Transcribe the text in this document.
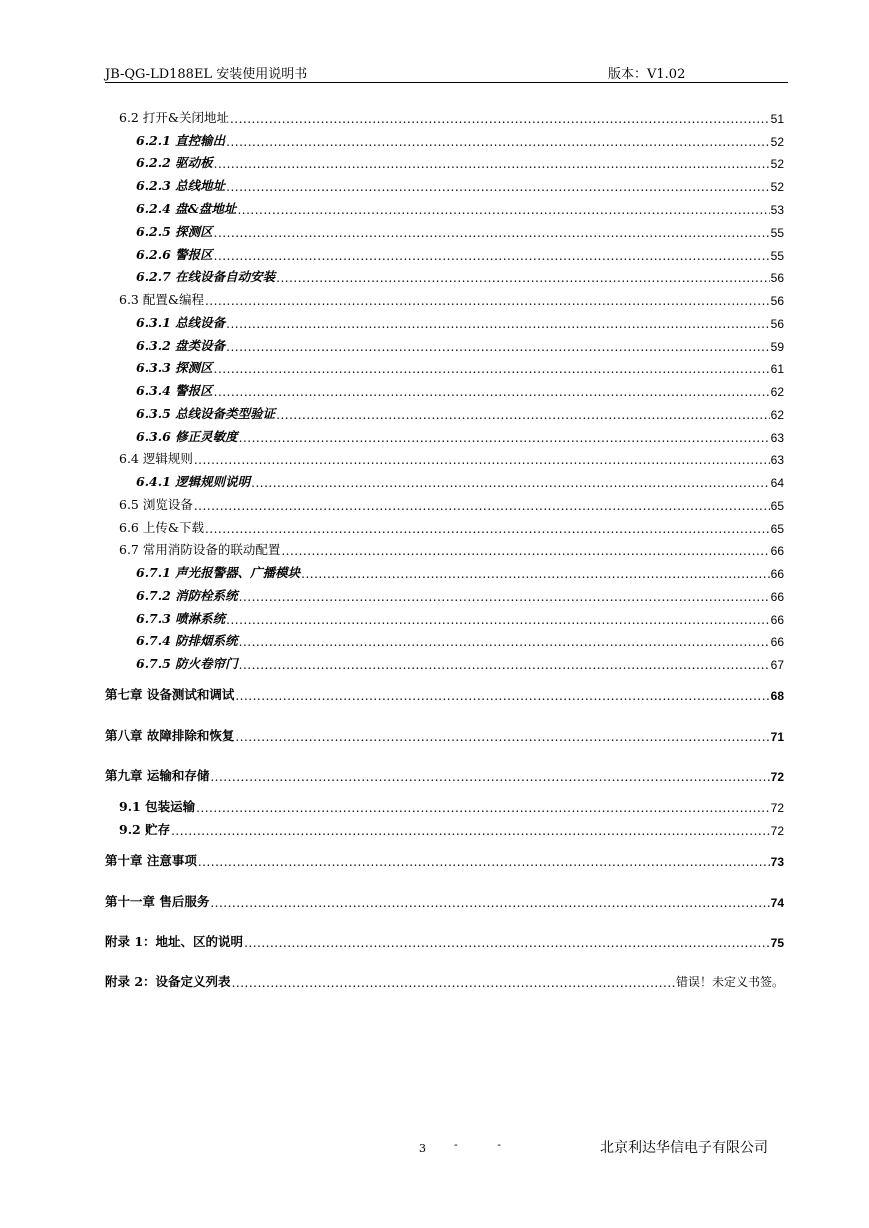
JB-QG-LD188EL 安装使用说明书	版本：V1.02
6.2 打开&关闭地址 .....	51
6.2.1 直控输出 .....	52
6.2.2 驱动板 .....	52
6.2.3 总线地址 .....	52
6.2.4 盘&盘地址 .....	53
6.2.5 探测区 .....	55
6.2.6 警报区 .....	55
6.2.7 在线设备自动安装 .....	56
6.3 配置&编程 .....	56
6.3.1 总线设备 .....	56
6.3.2 盘类设备 .....	59
6.3.3 探测区 .....	61
6.3.4 警报区 .....	62
6.3.5 总线设备类型验证 .....	62
6.3.6 修正灵敏度 .....	63
6.4 逻辑规则 .....	63
6.4.1 逻辑规则说明 .....	64
6.5 浏览设备 .....	65
6.6 上传&下载 .....	65
6.7 常用消防设备的联动配置 .....	66
6.7.1 声光报警器、广播模块 .....	66
6.7.2 消防栓系统 .....	66
6.7.3 喷淋系统 .....	66
6.7.4 防排烟系统 .....	66
6.7.5 防火卷帘门 .....	67
第七章 设备测试和调试 .....	68
第八章 故障排除和恢复 .....	71
第九章 运输和存储 .....	72
9.1 包装运输 .....	72
9.2 贮存 .....	72
第十章 注意事项 .....	73
第十一章 售后服务 .....	74
附录 1：地址、区的说明 .....	75
附录 2：设备定义列表 .....	错误！未定义书签。
3	- -	北京利达华信电子有限公司
